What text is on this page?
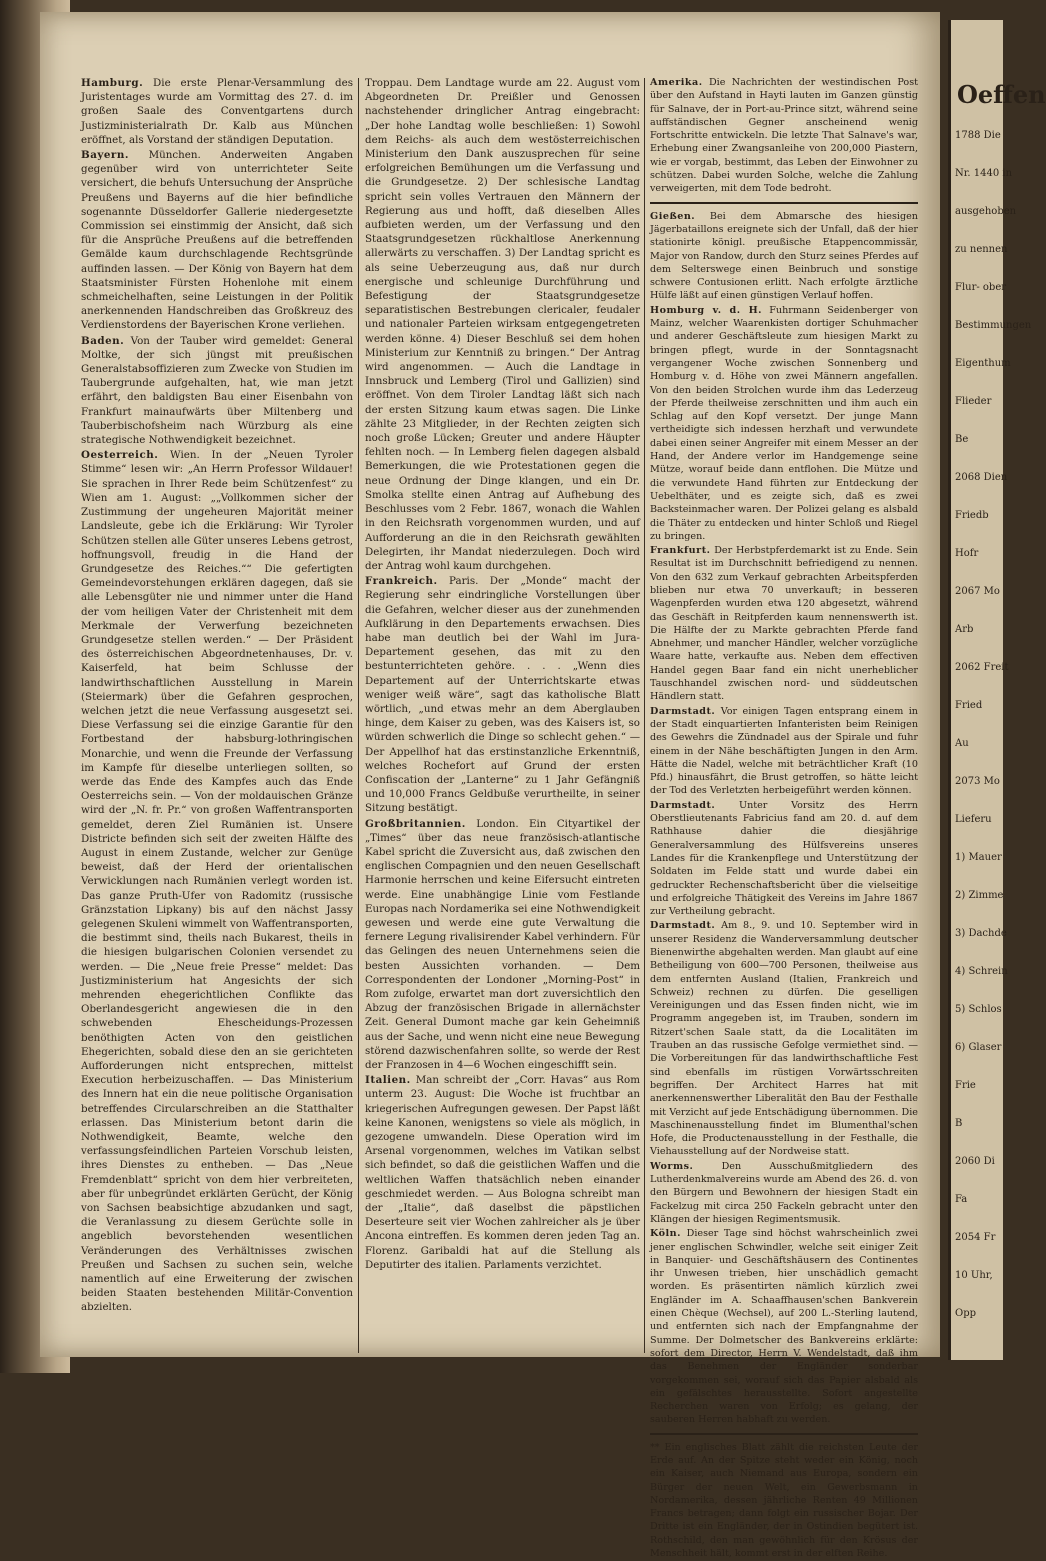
Hamburg. Die erste Plenar-Versammlung des Juristentages wurde am Vormittag des 27. d. im großen Saale des Conventgartens durch Justizministerialrath Dr. Kalb aus München eröffnet, als Vorstand der ständigen Deputation.

Bayern. München. Anderweiten Angaben gegenüber wird von unterrichteter Seite versichert, die behufs Untersuchung der Ansprüche Preußens und Bayerns auf die hier befindliche sogenannte Düsseldorfer Gallerie niedergesetzte Commission sei einstimmig der Ansicht, daß sich für die Ansprüche Preußens auf die betreffenden Gemälde kaum durchschlagende Rechtsgründe auffinden lassen. — Der König von Bayern hat dem Staatsminister Fürsten Hohenlohe mit einem schmeichelhaften, seine Leistungen in der Politik anerkennenden Handschreiben das Großkreuz des Verdienstordens der Bayerischen Krone verliehen.

Baden. Von der Tauber wird gemeldet: General Moltke, der sich jüngst mit preußischen Generalstabsoffizieren zum Zwecke von Studien im Taubergrunde aufgehalten, hat, wie man jetzt erfährt, den baldigsten Bau einer Eisenbahn von Frankfurt mainaufwärts über Miltenberg und Tauberbischofsheim nach Würzburg als eine strategische Nothwendigkeit bezeichnet.

Oesterreich. Wien. In der „Neuen Tyroler Stimme“ lesen wir: „An Herrn Professor Wildauer! Sie sprachen in Ihrer Rede beim Schützenfest“ zu Wien am 1. August: „„Vollkommen sicher der Zustimmung der ungeheuren Majorität meiner Landsleute, gebe ich die Erklärung: Wir Tyroler Schützen stellen alle Güter unseres Lebens getrost, hoffnungsvoll, freudig in die Hand der Grundgesetze des Reiches.““ Die gefertigten Gemeindevorstehungen erklären dagegen, daß sie alle Lebensgüter nie und nimmer unter die Hand der vom heiligen Vater der Christenheit mit dem Merkmale der Verwerfung bezeichneten Grundgesetze stellen werden.“ — Der Präsident des österreichischen Abgeordnetenhauses, Dr. v. Kaiserfeld, hat beim Schlusse der landwirthschaftlichen Ausstellung in Marein (Steiermark) über die Gefahren gesprochen, welchen jetzt die neue Verfassung ausgesetzt sei. Diese Verfassung sei die einzige Garantie für den Fortbestand der habsburg-lothringischen Monarchie, und wenn die Freunde der Verfassung im Kampfe für dieselbe unterliegen sollten, so werde das Ende des Kampfes auch das Ende Oesterreichs sein. — Von der moldauischen Gränze wird der „N. fr. Pr.“ von großen Waffentransporten gemeldet, deren Ziel Rumänien ist. Unsere Districte befinden sich seit der zweiten Hälfte des August in einem Zustande, welcher zur Genüge beweist, daß der Herd der orientalischen Verwicklungen nach Rumänien verlegt worden ist. Das ganze Pruth-Ufer von Radomitz (russische Gränzstation Lipkany) bis auf den nächst Jassy gelegenen Skuleni wimmelt von Waffentransporten, die bestimmt sind, theils nach Bukarest, theils in die hiesigen bulgarischen Colonien versendet zu werden. — Die „Neue freie Presse“ meldet: Das Justizministerium hat Angesichts der sich mehrenden ehegerichtlichen Conflikte das Oberlandesgericht angewiesen die in den schwebenden Ehescheidungs-Prozessen benöthigten Acten von den geistlichen Ehegerichten, sobald diese den an sie gerichteten Aufforderungen nicht entsprechen, mittelst Execution herbeizuschaffen. — Das Ministerium des Innern hat ein die neue politische Organisation betreffendes Circularschreiben an die Statthalter erlassen. Das Ministerium betont darin die Nothwendigkeit, Beamte, welche den verfassungsfeindlichen Parteien Vorschub leisten, ihres Dienstes zu entheben. — Das „Neue Fremdenblatt“ spricht von dem hier verbreiteten, aber für unbegründet erklärten Gerücht, der König von Sachsen beabsichtige abzudanken und sagt, die Veranlassung zu diesem Gerüchte solle in angeblich bevorstehenden wesentlichen Veränderungen des Verhältnisses zwischen Preußen und Sachsen zu suchen sein, welche namentlich auf eine Erweiterung der zwischen beiden Staaten bestehenden Militär-Convention abzielten.

Troppau. Dem Landtage wurde am 22. August vom Abgeordneten Dr. Preißler und Genossen nachstehender dringlicher Antrag eingebracht: „Der hohe Landtag wolle beschließen: 1) Sowohl dem Reichs- als auch dem westösterreichischen Ministerium den Dank auszusprechen für seine erfolgreichen Bemühungen um die Verfassung und die Grundgesetze. 2) Der schlesische Landtag spricht sein volles Vertrauen den Männern der Regierung aus und hofft, daß dieselben Alles aufbieten werden, um der Verfassung und den Staatsgrundgesetzen rückhaltlose Anerkennung allerwärts zu verschaffen. 3) Der Landtag spricht es als seine Ueberzeugung aus, daß nur durch energische und schleunige Durchführung und Befestigung der Staatsgrundgesetze separatistischen Bestrebungen clericaler, feudaler und nationaler Parteien wirksam entgegengetreten werden könne. 4) Dieser Beschluß sei dem hohen Ministerium zur Kenntniß zu bringen.“ Der Antrag wird angenommen. — Auch die Landtage in Innsbruck und Lemberg (Tirol und Gallizien) sind eröffnet. Von dem Tiroler Landtag läßt sich nach der ersten Sitzung kaum etwas sagen. Die Linke zählte 23 Mitglieder, in der Rechten zeigten sich noch große Lücken; Greuter und andere Häupter fehlten noch. — In Lemberg fielen dagegen alsbald Bemerkungen, die wie Protestationen gegen die neue Ordnung der Dinge klangen, und ein Dr. Smolka stellte einen Antrag auf Aufhebung des Beschlusses vom 2 Febr. 1867, wonach die Wahlen in den Reichsrath vorgenommen wurden, und auf Aufforderung an die in den Reichsrath gewählten Delegirten, ihr Mandat niederzulegen. Doch wird der Antrag wohl kaum durchgehen.

Frankreich. Paris. Der „Monde“ macht der Regierung sehr eindringliche Vorstellungen über die Gefahren, welcher dieser aus der zunehmenden Aufklärung in den Departements erwachsen. Dies habe man deutlich bei der Wahl im Jura-Departement gesehen, das mit zu den bestunterrichteten gehöre. . . . „Wenn dies Departement auf der Unterrichtskarte etwas weniger weiß wäre“, sagt das katholische Blatt wörtlich, „und etwas mehr an dem Aberglauben hinge, dem Kaiser zu geben, was des Kaisers ist, so würden schwerlich die Dinge so schlecht gehen.“ — Der Appellhof hat das erstinstanzliche Erkenntniß, welches Rochefort auf Grund der ersten Confiscation der „Lanterne“ zu 1 Jahr Gefängniß und 10,000 Francs Geldbuße verurtheilte, in seiner Sitzung bestätigt.

Großbritannien. London. Ein Cityartikel der „Times“ über das neue französisch-atlantische Kabel spricht die Zuversicht aus, daß zwischen den englischen Compagnien und den neuen Gesellschaft Harmonie herrschen und keine Eifersucht eintreten werde. Eine unabhängige Linie vom Festlande Europas nach Nordamerika sei eine Nothwendigkeit gewesen und werde eine gute Verwaltung die fernere Legung rivalisirender Kabel verhindern. Für das Gelingen des neuen Unternehmens seien die besten Aussichten vorhanden. — Dem Correspondenten der Londoner „Morning-Post“ in Rom zufolge, erwartet man dort zuversichtlich den Abzug der französischen Brigade in allernächster Zeit. General Dumont mache gar kein Geheimniß aus der Sache, und wenn nicht eine neue Bewegung störend dazwischenfahren sollte, so werde der Rest der Franzosen in 4—6 Wochen eingeschifft sein.

Italien. Man schreibt der „Corr. Havas“ aus Rom unterm 23. August: Die Woche ist fruchtbar an kriegerischen Aufregungen gewesen. Der Papst läßt keine Kanonen, wenigstens so viele als möglich, in gezogene umwandeln. Diese Operation wird im Arsenal vorgenommen, welches im Vatikan selbst sich befindet, so daß die geistlichen Waffen und die weltlichen Waffen thatsächlich neben einander geschmiedet werden. — Aus Bologna schreibt man der „Italie“, daß daselbst die päpstlichen Deserteure seit vier Wochen zahlreicher als je über Ancona eintreffen. Es kommen deren jeden Tag an. Florenz. Garibaldi hat auf die Stellung als Deputirter des italien. Parlaments verzichtet.

Amerika. Die Nachrichten der westindischen Post über den Aufstand in Hayti lauten im Ganzen günstig für Salnave, der in Port-au-Prince sitzt, während seine auffständischen Gegner anscheinend wenig Fortschritte entwickeln. Die letzte That Salnave's war, Erhebung einer Zwangsanleihe von 200,000 Piastern, wie er vorgab, bestimmt, das Leben der Einwohner zu schützen. Dabei wurden Solche, welche die Zahlung verweigerten, mit dem Tode bedroht.

Gießen. Bei dem Abmarsche des hiesigen Jägerbataillons ereignete sich der Unfall, daß der hier stationirte königl. preußische Etappencommissär, Major von Randow, durch den Sturz seines Pferdes auf dem Selterswege einen Beinbruch und sonstige schwere Contusionen erlitt. Nach erfolgte ärztliche Hülfe läßt auf einen günstigen Verlauf hoffen.

Homburg v. d. H. Fuhrmann Seidenberger von Mainz, welcher Waarenkisten dortiger Schuhmacher und anderer Geschäftsleute zum hiesigen Markt zu bringen pflegt, wurde in der Sonntagsnacht vergangener Woche zwischen Sonnenberg und Homburg v. d. Höhe von zwei Männern angefallen. Von den beiden Strolchen wurde ihm das Lederzeug der Pferde theilweise zerschnitten und ihm auch ein Schlag auf den Kopf versetzt. Der junge Mann vertheidigte sich indessen herzhaft und verwundete dabei einen seiner Angreifer mit einem Messer an der Hand, der Andere verlor im Handgemenge seine Mütze, worauf beide dann entflohen. Die Mütze und die verwundete Hand führten zur Entdeckung der Uebelthäter, und es zeigte sich, daß es zwei Backsteinmacher waren. Der Polizei gelang es alsbald die Thäter zu entdecken und hinter Schloß und Riegel zu bringen.

Frankfurt. Der Herbstpferdemarkt ist zu Ende. Sein Resultat ist im Durchschnitt befriedigend zu nennen. Von den 632 zum Verkauf gebrachten Arbeitspferden blieben nur etwa 70 unverkauft; in besseren Wagenpferden wurden etwa 120 abgesetzt, während das Geschäft in Reitpferden kaum nennenswerth ist. Die Hälfte der zu Markte gebrachten Pferde fand Abnehmer, und mancher Händler, welcher vorzügliche Waare hatte, verkaufte aus. Neben dem effectiven Handel gegen Baar fand ein nicht unerheblicher Tauschhandel zwischen nord- und süddeutschen Händlern statt.

Darmstadt. Vor einigen Tagen entsprang einem in der Stadt einquartierten Infanteristen beim Reinigen des Gewehrs die Zündnadel aus der Spirale und fuhr einem in der Nähe beschäftigten Jungen in den Arm. Hätte die Nadel, welche mit beträchtlicher Kraft (10 Pfd.) hinausfährt, die Brust getroffen, so hätte leicht der Tod des Verletzten herbeigeführt werden können.

Darmstadt. Unter Vorsitz des Herrn Oberstlieutenants Fabricius fand am 20. d. auf dem Rathhause dahier die diesjährige Generalversammlung des Hülfsvereins unseres Landes für die Krankenpflege und Unterstützung der Soldaten im Felde statt und wurde dabei ein gedruckter Rechenschaftsbericht über die vielseitige und erfolgreiche Thätigkeit des Vereins im Jahre 1867 zur Vertheilung gebracht.

Darmstadt. Am 8., 9. und 10. September wird in unserer Residenz die Wanderversammlung deutscher Bienenwirthe abgehalten werden. Man glaubt auf eine Betheiligung von 600—700 Personen, theilweise aus dem entfernten Ausland (Italien, Frankreich und Schweiz) rechnen zu dürfen. Die geselligen Vereinigungen und das Essen finden nicht, wie im Programm angegeben ist, im Trauben, sondern im Ritzert'schen Saale statt, da die Localitäten im Trauben an das russische Gefolge vermiethet sind. — Die Vorbereitungen für das landwirthschaftliche Fest sind ebenfalls im rüstigen Vorwärtsschreiten begriffen. Der Architect Harres hat mit anerkennenswerther Liberalität den Bau der Festhalle mit Verzicht auf jede Entschädigung übernommen. Die Maschinenausstellung findet im Blumenthal'schen Hofe, die Productenausstellung in der Festhalle, die Viehausstellung auf der Nordweise statt.

Worms.	Den Ausschußmitgliedern des Lutherdenkmalvereins wurde am Abend des 26. d. von den Bürgern und Bewohnern der hiesigen Stadt ein Fackelzug mit circa 250 Fackeln gebracht unter den Klängen der hiesigen Regimentsmusik.

Köln. Dieser Tage sind höchst wahrscheinlich zwei jener englischen Schwindler, welche seit einiger Zeit in Banquier- und Geschäftshäusern des Continentes ihr Unwesen trieben, hier unschädlich gemacht worden. Es präsentirten nämlich kürzlich zwei Engländer im A. Schaaffhausen'schen Bankverein einen Chèque (Wechsel), auf 200 L.-Sterling lautend, und entfernten sich nach der Empfangnahme der Summe. Der Dolmetscher des Bankvereins erklärte: sofort dem Director, Herrn V. Wendelstadt, daß ihm das Benehmen der Engländer sonderbar vorgekommen sei, worauf sich das Papier alsbald als ein gefälschtes herausstellte. Sofort angestellte Recherchen waren von Erfolg; es gelang, der sauberen Herren habhaft zu werden.

** Ein englisches Blatt zählt die reichsten Leute der Erde auf. An der Spitze steht weder ein König, noch ein Kaiser, auch Niemand aus Europa, sondern ein Bürger der neuen Welt, ein Gewerbsmann in Nordamerika, dessen jährliche Renten 49 Millionen Francs betragen; dann folgt ein russischer Bojar. Der Dritte ist ein Engländer, der in Ostindien begütert ist. Rothschild, den man gewöhnlich für den Krösus der Menschheit hält, kommt erst in der elften Reihe.

Oeffen
1788 Die
Nr. 1440 in
ausgehoben
zu nennen
Flur- ober
Bestimmungen
Eigenthum
Flieder
Be
2068 Dien
Friedb
Hofr
2067 Mo
Arb
2062 Freit
Fried
Au
2073 Mo
Lieferu
1) Mauer
2) Zimme
3) Dachde
4) Schrein
5) Schlos
6) Glaser
Frie
B
2060 Di
Fa
2054 Fr
10 Uhr,
Opp
